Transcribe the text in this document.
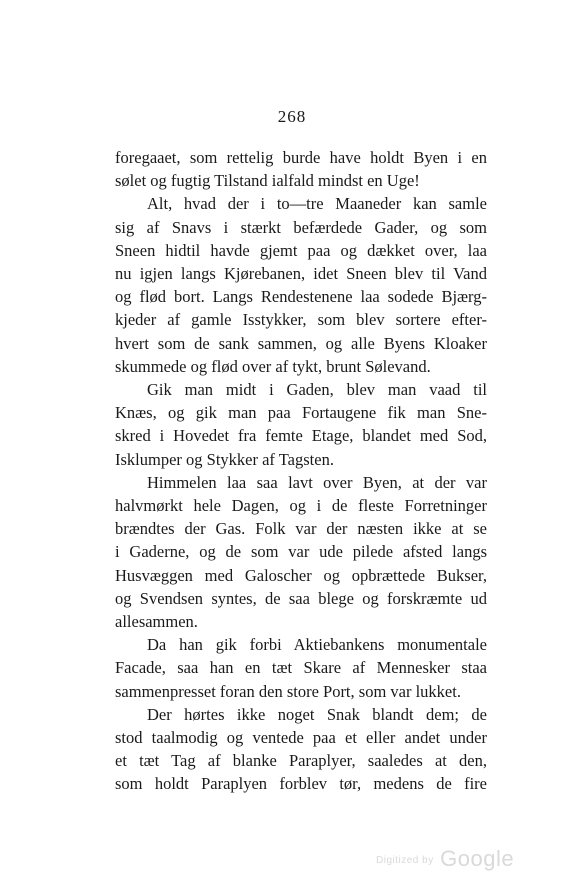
268

foregaaet, som rettelig burde have holdt Byen i en

sølet og fugtig Tilstand ialfald mindst en Uge!

Alt, hvad der i to—tre Maaneder kan samle

sig af Snavs i stærkt befærdede Gader, og som

Sneen hidtil havde gjemt paa og dækket over, laa

nu igjen langs Kjørebanen, idet Sneen blev til Vand

og flød bort. Langs Rendestenene laa sodede Bjærg-

kjeder af gamle Isstykker, som blev sortere efter-

hvert som de sank sammen, og alle Byens Kloaker

skummede og flød over af tykt, brunt Sølevand.

Gik man midt i Gaden, blev man vaad til

Knæs, og gik man paa Fortaugene fik man Sne-

skred i Hovedet fra femte Etage, blandet med Sod,

Isklumper og Stykker af Tagsten.

Himmelen laa saa lavt over Byen, at der var

halvmørkt hele Dagen, og i de fleste Forretninger

brændtes der Gas. Folk var der næsten ikke at se

i Gaderne, og de som var ude pilede afsted langs

Husvæggen med Galoscher og opbrættede Bukser,

og Svendsen syntes, de saa blege og forskræmte ud

allesammen.

Da han gik forbi Aktiebankens monumentale

Facade, saa han en tæt Skare af Mennesker staa

sammenpresset foran den store Port, som var lukket.

Der hørtes ikke noget Snak blandt dem; de

stod taalmodig og ventede paa et eller andet under

et tæt Tag af blanke Paraplyer, saaledes at den,

som holdt Paraplyen forblev tør, medens de fire

Digitized by Google
